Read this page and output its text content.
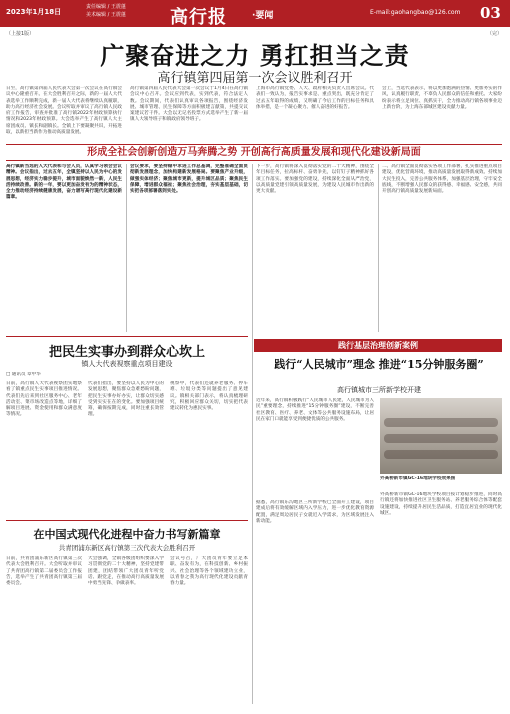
2023年1月18日
责任编辑 / 王震蓬
美术编辑 / 王震蓬 高行报	·要闻	E-mail:gaohangbao@126.com 03
（上接1版）	（完）
广聚奋进之力 勇扛担当之责
高行镇第四届第一次会议胜利召开
日至，高行镇第四届人民代表大会第一次会议在高行镇会议中心隆重召开。在大会胜利召开之际，新的一届人大代表选举工作顺利完成，新一届人大代表将继续认真履职，助力高行经济社会发展。会议听取并审议了高行镇人民政府工作报告，审查并批准了高行镇2022年财政预算执行情况和2023年财政预算。大会选举产生了高行镇人大主席团成员、镇长和副镇长。全镇上下要凝聚共识，开拓进取，以新担当新作为推动高质量发展。
高行镇第四届人民代表大会第一次会议于1月4日在高行镇会议中心召开。会议应到代表，实到代表，符合法定人数。会议期间，代表们认真审议各项报告，围绕经济发展、城市管理、民生保障等方面积极建言献策，共提交议案建议若干件。大会以无记名投票方式选举产生了新一届镇人大领导班子和镇政府领导班子。
上海市高行镇党委、人大、政府相关负责人出席会议。代表们一致认为，报告实事求是、重点突出，既充分肯定了过去五年取得的成绩，又明确了今后工作的目标任务和具体举措，是一个凝心聚力、催人奋进的好报告。
会上，当选代表表示，将以更加饱满的热情、更加务实的作风，认真履行职责，不辜负人民群众的信任和重托。大家纷纷表示将立足岗位、真抓实干，全力推动高行镇各项事业迈上新台阶，为上海东部城区建设贡献力量。
形成全社会创新创造万马奔腾之势 开创高行高质量发展和现代化建设新局面
高行镇新当选的人大代表和与会人员，认真学习领会会议精神。会议指出，过去五年，全镇坚持以人民为中心的发展思想，经济实力稳步提升，城市面貌焕然一新，人民生活持续改善。新的一年，要以更加奋发有为的精神状态，全力推动经济持续健康发展，奋力谱写高行现代化建设新篇章。
会议要求，要坚持稳中求进工作总基调，完整准确全面贯彻新发展理念，加快构建新发展格局。要聚焦产业升级，做强实体经济；聚焦城市更新，提升城区品质；聚焦民生保障，增进群众福祉；聚焦社会治理，夯实基层基础，切实把各项部署落到实处。
下一步，高行镇将深入贯彻落实党的二十大精神，围绕全年目标任务，拉高标杆、奋勇争先，以钉钉子精神抓好各项工作落实。要加强党的建设，持续深化全面从严治党，以高质量党建引领高质量发展，为建设人民城市作出新的更大贡献。
二、高行镇全面贯彻落实各项工作部署，扎实推进重点项目建设，优化营商环境，推动高质量发展取得新成效。持续加大民生投入，完善公共服务体系，加强基层治理，守牢安全底线，不断增强人民群众的获得感、幸福感、安全感，共同开创高行镇高质量发展新局面。
把民生实事办到群众心坎上
镇人大代表视察重点项目建设
□ 通讯员 章中华
日前，高行镇人大代表视察团实地察看了镇重点民生实事项目推进情况。代表们先后来到社区服务中心、老年活动室、菜市场改造点等地，详细了解项目进展、资金使用和群众满意度等情况。
代表们指出，要坚持以人民为中心的发展思想，聚焦群众急难愁盼问题，把民生实事办好办实，让群众切实感受到实实在在的变化。要加强项目统筹，确保按期完成，同时注重长效管理。
视察中，代表们还就养老服务、停车难、垃圾分类等问题提出了意见建议。镇相关部门表示，将认真梳理研究，积极回应群众关切，切实把代表建议转化为惠民实事。
践行基层治理创新案例
践行“人民城市”理念 推进“15分钟服务圈”
高行镇城市三所新学校开建
近年来，高行镇积极践行“人民城市人民建，人民城市为人民”重要理念，持续推进“15分钟服务圈”建设，不断完善社区教育、医疗、养老、文体等公共服务设施布局，让居民在家门口就能享受到便捷优质的公共服务。
据悉，高行镇东沟地区三所新学校已全面开工建设，项目建成后将有效缓解区域内入学压力，进一步优化教育资源配置，满足周边居民子女就近入学需求，为区域发展注入新动能。
外高桥新市镇GC-16地块学校效果图
外高桥新市镇GC-16地块学校项目按计划稳步推进，同时高行镇还将加快推进社区卫生服务站、养老服务综合体等配套设施建设，持续提升居民生活品质，打造宜居宜业的现代化城区。
在中国式现代化进程中奋力书写新篇章
共青团浦东新区高行镇第三次代表大会胜利召开
日前，共青团浦东新区高行镇第三次代表大会胜利召开。大会听取并审议了共青团高行镇第二届委员会工作报告，选举产生了共青团高行镇第三届委员会。
大会强调，全镇各级团组织要深入学习贯彻党的二十大精神，坚持党建带团建，团结带领广大团员青年听党话、跟党走，在推动高行高质量发展中勇当先锋、争做表率。
会议号召，广大团员青年要立足本职、奋发有为，在科技创新、乡村振兴、社会治理等各个领域建功立业，以青春之我为高行现代化建设贡献青春力量。
